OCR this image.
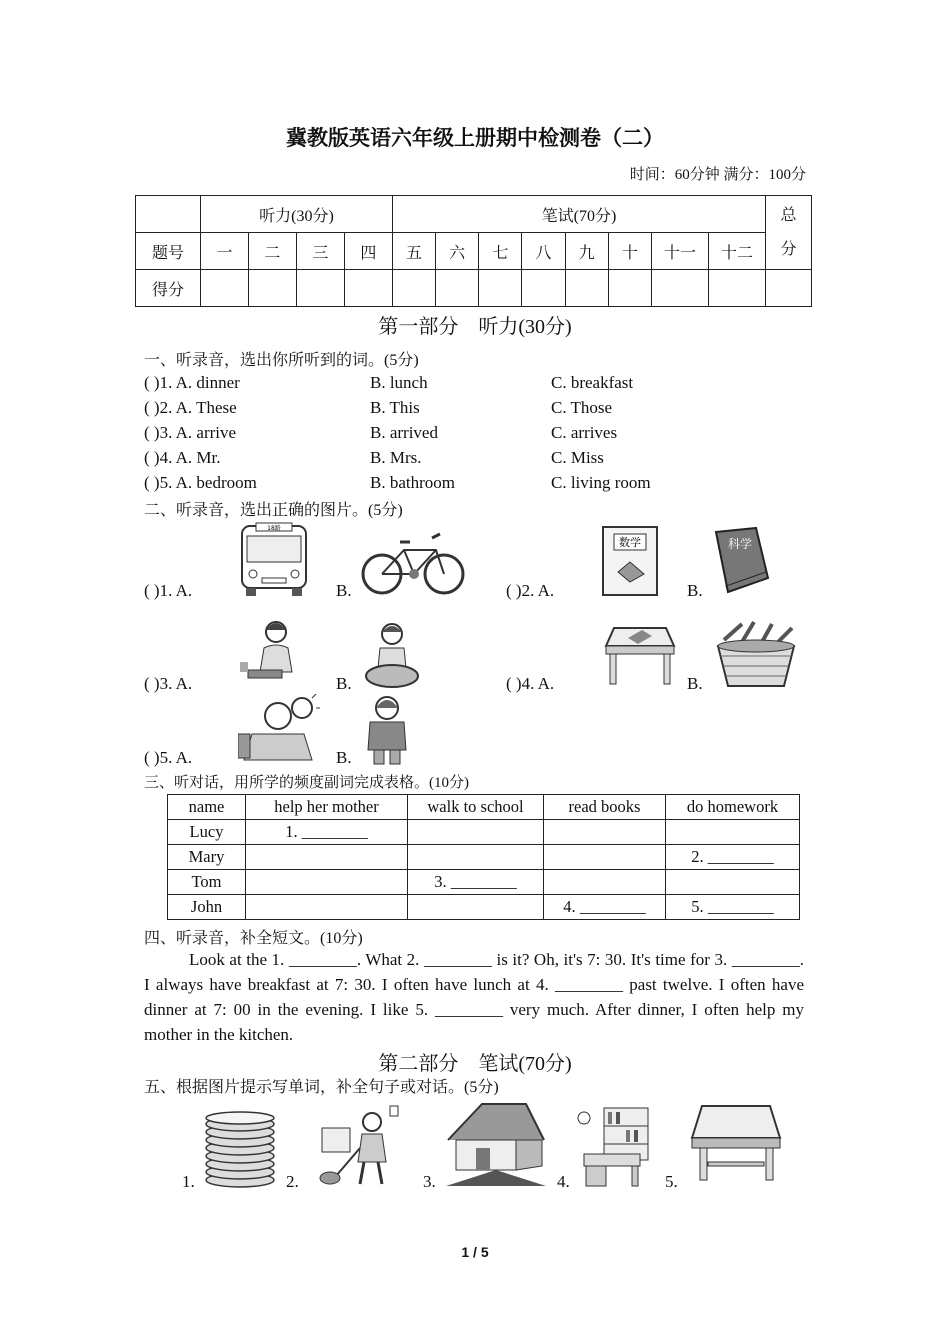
冀教版英语六年级上册期中检测卷（二）
时间：60分钟 满分：100分
	听力(30分)				笔试(70分)								总分
题号	一	二	三	四	五	六	七	八	九	十	十一	十二	
得分													
第一部分　听力(30分)
一、听录音，选出你所听到的词。(5分)
( )1. A. dinner	B. lunch	C. breakfast
( )2. A. These	B. This	C. Those
( )3. A. arrive	B. arrived	C. arrives
( )4. A. Mr.	B. Mrs.	C. Miss
( )5. A. bedroom	B. bathroom	C. living room
二、听录音，选出正确的图片。(5分)
( )1. A.
18路
B.	( )2. A.
数学
B.
科学
( )3. A.	B.	( )4. A.	B.
( )5. A.	B.
三、听对话，用所学的频度副词完成表格。(10分)
name	help her mother	walk to school	read books	do homework
Lucy	1. ________			
Mary				2. ________
Tom		3. ________		
John			4. ________	5. ________
四、听录音，补全短文。(10分)
Look at the 1. ________. What 2. ________ is it? Oh, it's 7: 30. It's time for 3. ________. I always have breakfast at 7: 30. I often have lunch at 4. ________ past twelve. I often have dinner at 7: 00 in the evening. I like 5. ________ very much. After dinner, I often help my mother in the kitchen.
第二部分　笔试(70分)
五、根据图片提示写单词，补全句子或对话。(5分)
1.	2.	3.	4.	5.
1 / 5
